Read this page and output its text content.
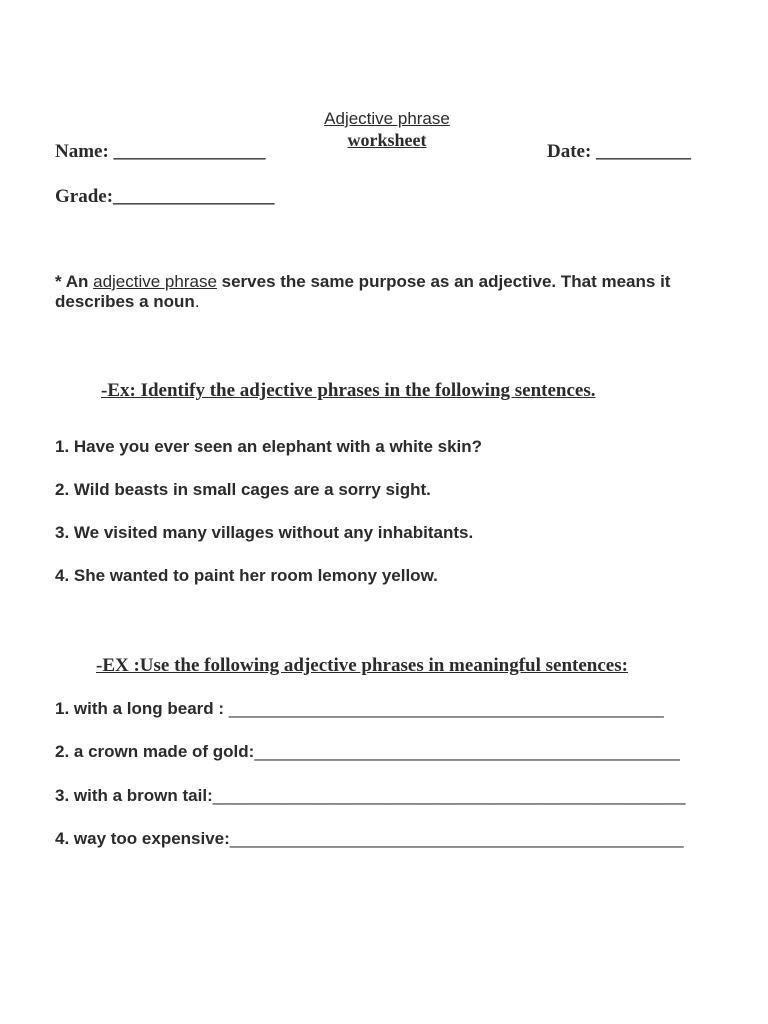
Adjective phrase
worksheet
Name: ________________	Date: __________
Grade:_________________
* An adjective phrase serves the same purpose as an adjective. That means it describes a noun.
-Ex: Identify the adjective phrases in the following sentences.
1. Have you ever seen an elephant with a white skin?
2. Wild beasts in small cages are a sorry sight.
3. We visited many villages without any inhabitants.
4. She wanted to paint her room lemony yellow.
-EX :Use the following adjective phrases in meaningful sentences:
1. with a long beard : ______________________________________________
2. a crown made of gold:_____________________________________________
3. with a brown tail:__________________________________________________
4. way too expensive:________________________________________________
